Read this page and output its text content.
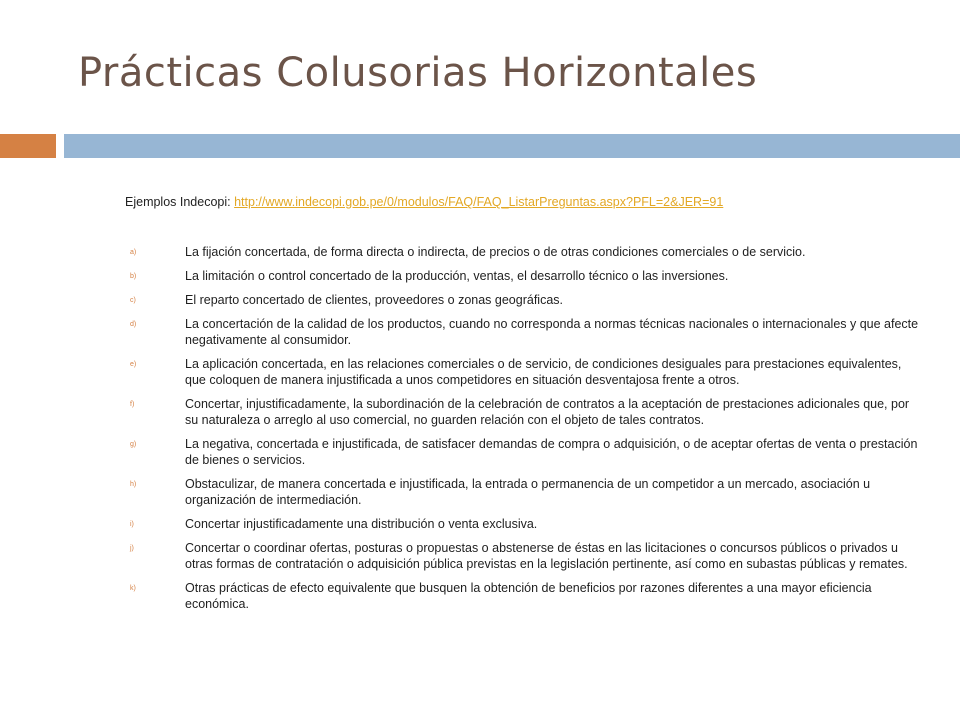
Prácticas Colusorias Horizontales
Ejemplos Indecopi: http://www.indecopi.gob.pe/0/modulos/FAQ/FAQ_ListarPreguntas.aspx?PFL=2&JER=91
a)	La fijación concertada, de forma directa o indirecta, de precios o de otras condiciones comerciales o de servicio.
b)	La limitación o control concertado de la producción, ventas, el desarrollo técnico o las inversiones.
c)	El reparto concertado de clientes, proveedores o zonas geográficas.
d)	La concertación de la calidad de los productos, cuando no corresponda a normas técnicas nacionales o internacionales y que afecte negativamente al consumidor.
e)	La aplicación concertada, en las relaciones comerciales o de servicio, de condiciones desiguales para prestaciones equivalentes, que coloquen de manera injustificada a unos competidores en situación desventajosa frente a otros.
f)	Concertar, injustificadamente, la subordinación de la celebración de contratos a la aceptación de prestaciones adicionales que, por su naturaleza o arreglo al uso comercial, no guarden relación con el objeto de tales contratos.
g)	La negativa, concertada e injustificada, de satisfacer demandas de compra o adquisición, o de aceptar ofertas de venta o prestación de bienes o servicios.
h)	Obstaculizar, de manera concertada e injustificada, la entrada o permanencia de un competidor a un mercado, asociación u organización de intermediación.
i)	Concertar injustificadamente una distribución o venta exclusiva.
j)	Concertar o coordinar ofertas, posturas o propuestas o abstenerse de éstas en las licitaciones o concursos públicos o privados u otras formas de contratación o adquisición pública previstas en la legislación pertinente, así como en subastas públicas y remates.
k)	Otras prácticas de efecto equivalente que busquen la obtención de beneficios por razones diferentes a una mayor eficiencia económica.
